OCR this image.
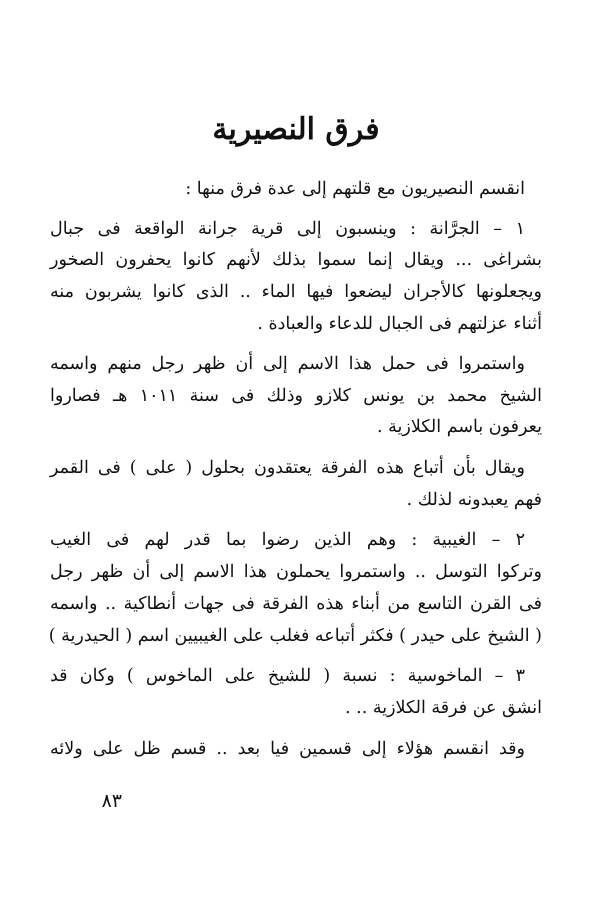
فرق النصيرية
انقسم النصيريون مع قلتهم إلى عدة فرق منها :
١ – الجرَّانة : وينسبون إلى قرية جرانة الواقعة فى جبال
بشراغى ... ويقال إنما سموا بذلك لأنهم كانوا يحفرون الصخور
ويجعلونها كالأجران ليضعوا فيها الماء .. الذى كانوا يشربون منه
أثناء عزلتهم فى الجبال للدعاء والعبادة .
واستمروا فى حمل هذا الاسم إلى أن ظهر رجل منهم واسمه
الشيخ محمد بن يونس كلازو وذلك فى سنة ١٠١١ هـ فصاروا
يعرفون باسم الكلازية .
ويقال بأن أتباع هذه الفرقة يعتقدون بحلول ( على ) فى القمر
فهم يعبدونه لذلك .
٢ – الغيبية : وهم الذين رضوا بما قدر لهم فى الغيب
وتركوا التوسل .. واستمروا يحملون هذا الاسم إلى أن ظهر رجل
فى القرن التاسع من أبناء هذه الفرقة فى جهات أنطاكية .. واسمه
( الشيخ على حيدر ) فكثر أتباعه فغلب على الغيبيين اسم ( الحيدرية )
٣ – الماخوسية : نسبة ( للشيخ على الماخوس ) وكان قد
انشق عن فرقة الكلازية .. .
وقد انقسم هؤلاء إلى قسمين فيا بعد .. قسم ظل على ولائه
٨٣
